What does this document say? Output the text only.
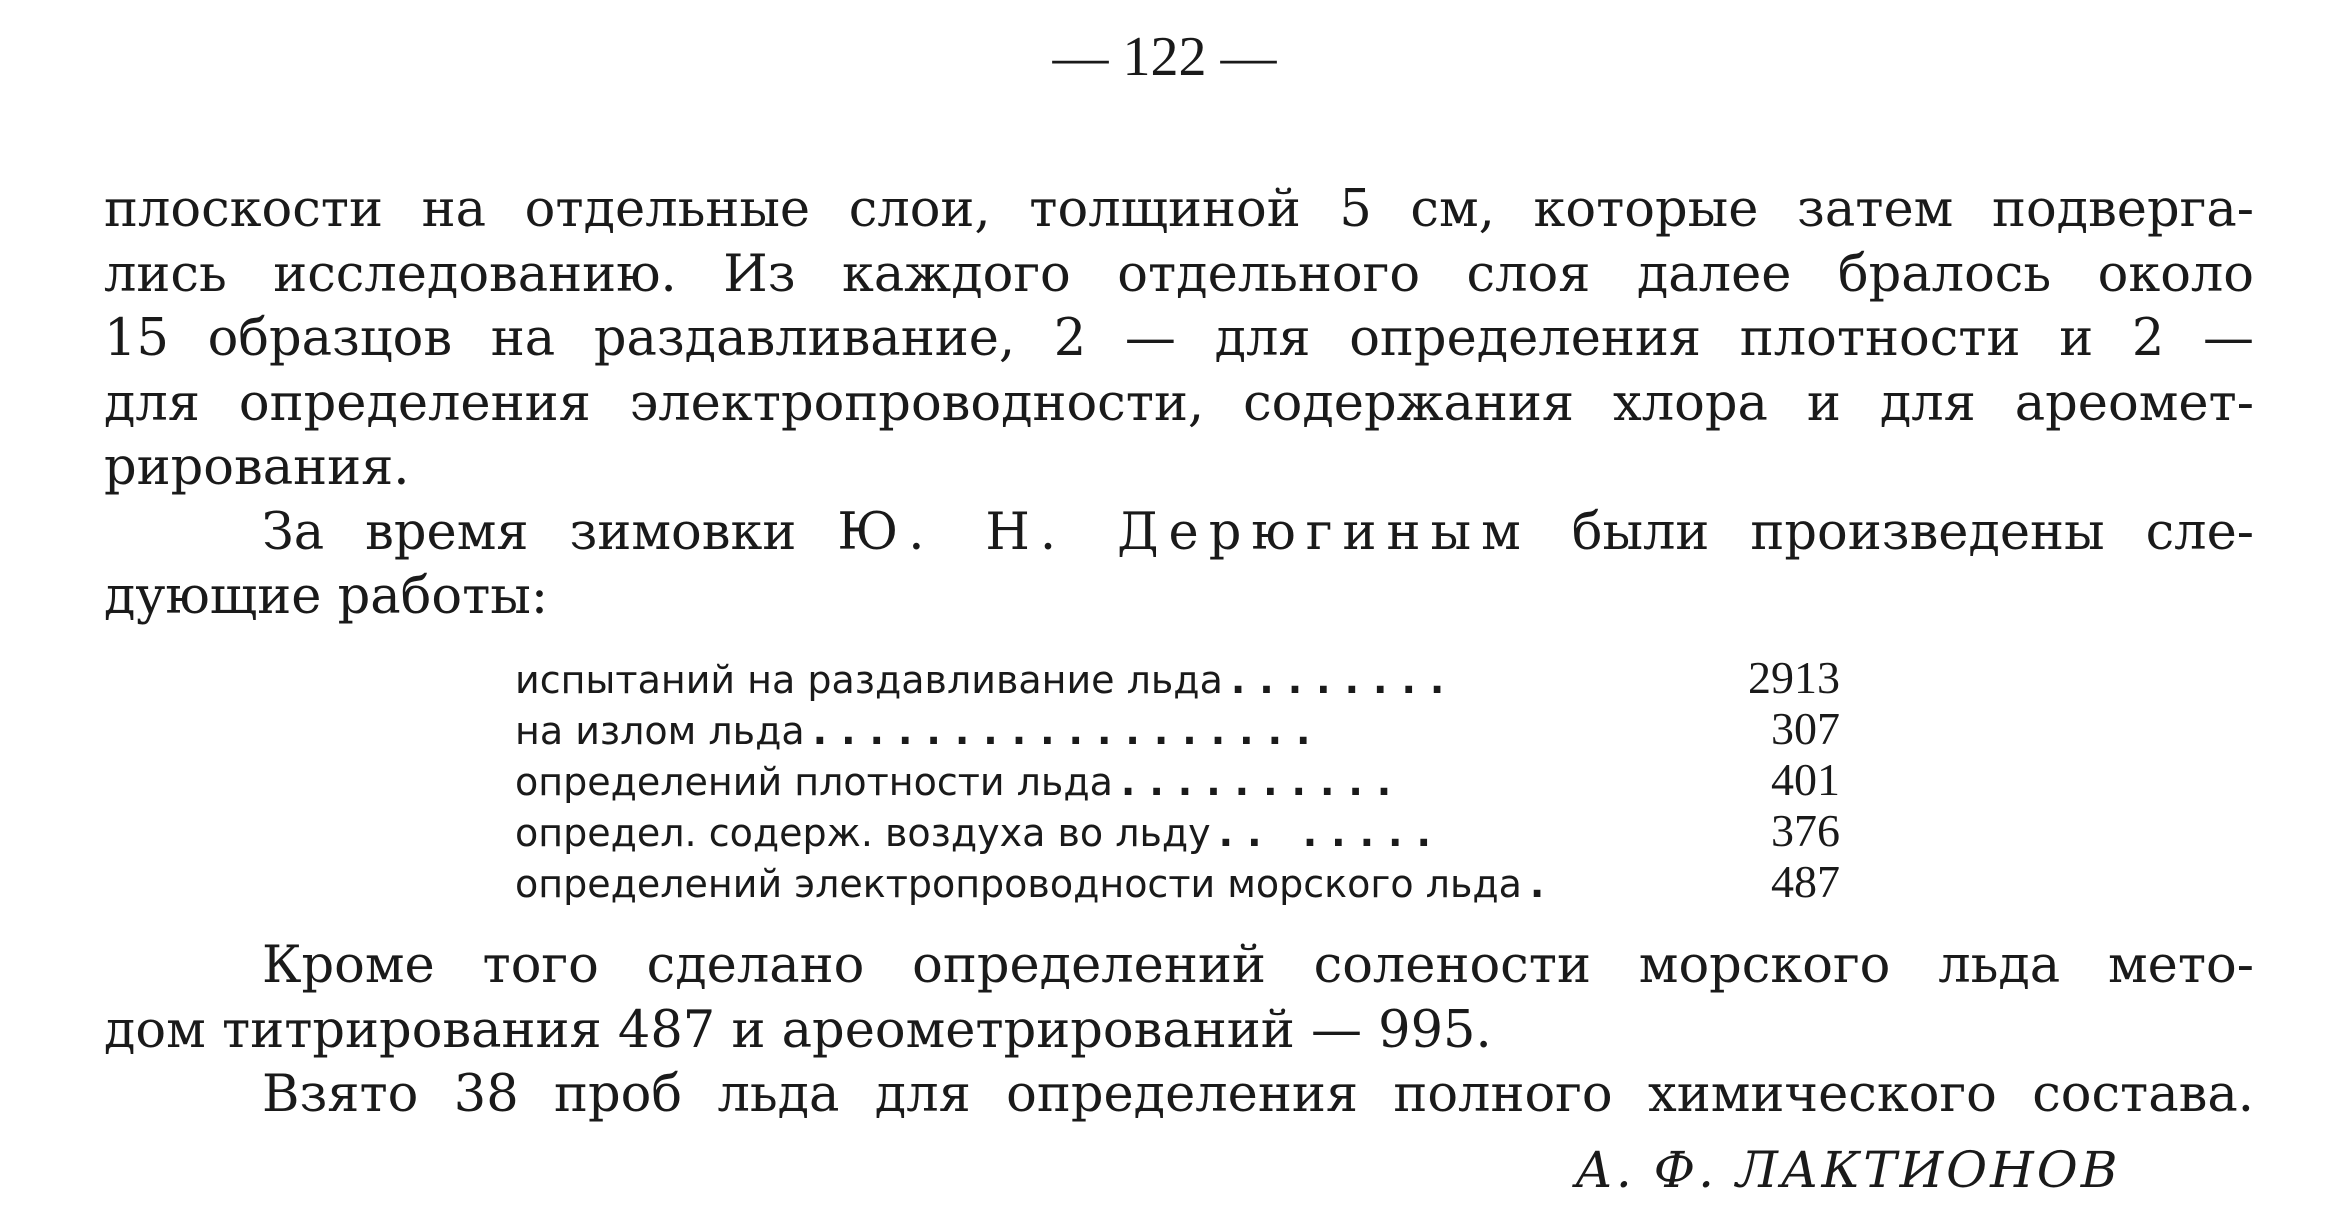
— 122 —

плоскости на отдельные слои, толщиной 5 см, которые затем подверга-
лись исследованию. Из каждого отдельного слоя далее бралось около
15 образцов на раздавливание, 2 — для определения плотности и 2 —
для определения электропроводности, содержания хлора и для ареомет-
рирования.

За время зимовки Ю. Н. Дерюгиным были произведены сле-
дующие работы:

испытаний на раздавливание льда ........	2913
на излом льда ..................	307
определений плотности льда ..........	401
определ. содерж. воздуха во льду .. .....	376
определений электропроводности морского льда .	487

Кроме того сделано определений солености морского льда мето-
дом титрирования 487 и ареометрирований — 995.

Взято 38 проб льда для определения полного химического состава.

А. Ф. ЛАКТИОНОВ
